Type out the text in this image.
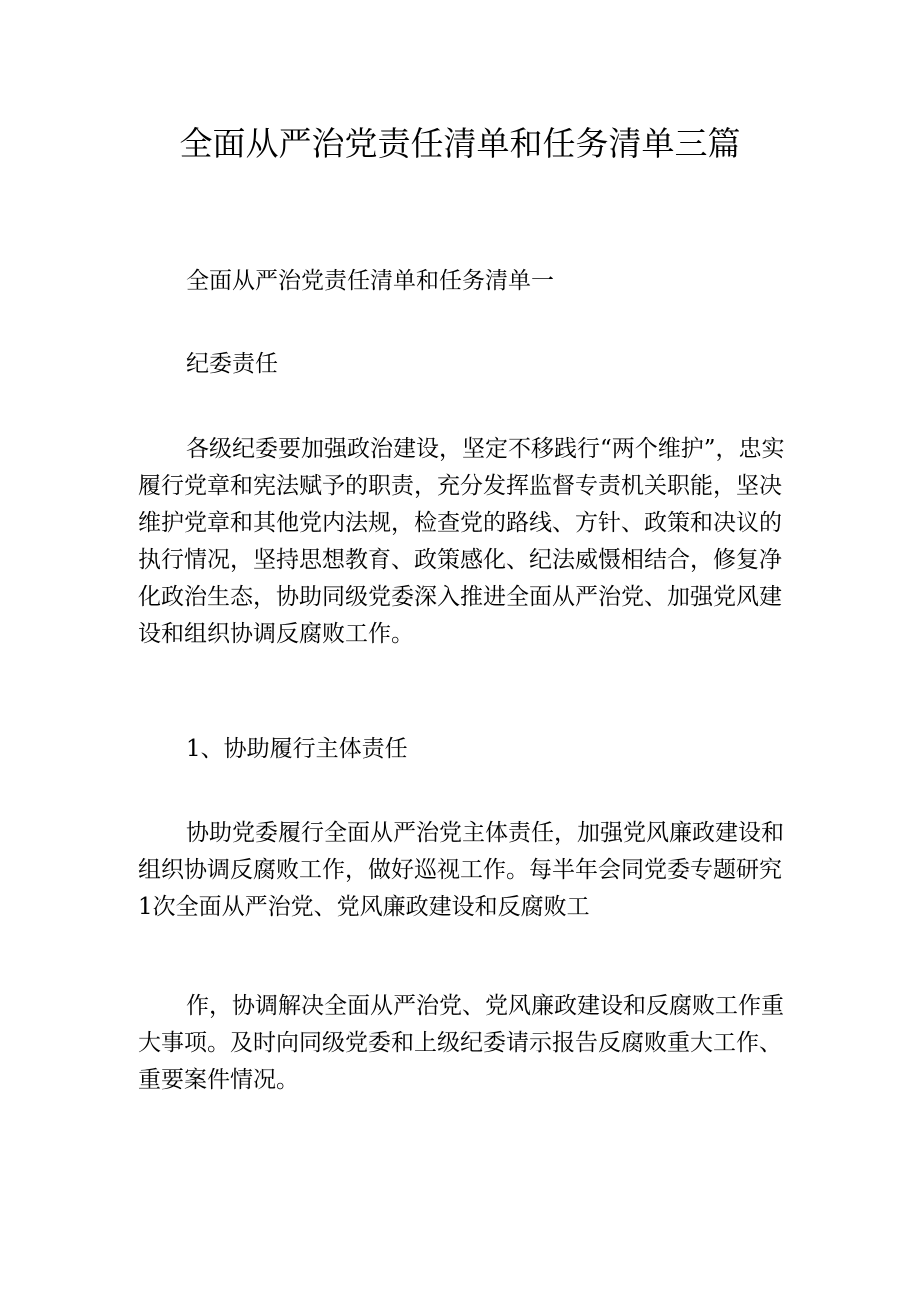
全面从严治党责任清单和任务清单三篇

全面从严治党责任清单和任务清单一

纪委责任

各级纪委要加强政治建设，坚定不移践行“两个维护”，忠实履行党章和宪法赋予的职责，充分发挥监督专责机关职能，坚决维护党章和其他党内法规，检查党的路线、方针、政策和决议的执行情况，坚持思想教育、政策感化、纪法威慑相结合，修复净化政治生态，协助同级党委深入推进全面从严治党、加强党风建设和组织协调反腐败工作。

1、协助履行主体责任

协助党委履行全面从严治党主体责任，加强党风廉政建设和组织协调反腐败工作，做好巡视工作。每半年会同党委专题研究1次全面从严治党、党风廉政建设和反腐败工

作，协调解决全面从严治党、党风廉政建设和反腐败工作重大事项。及时向同级党委和上级纪委请示报告反腐败重大工作、重要案件情况。
